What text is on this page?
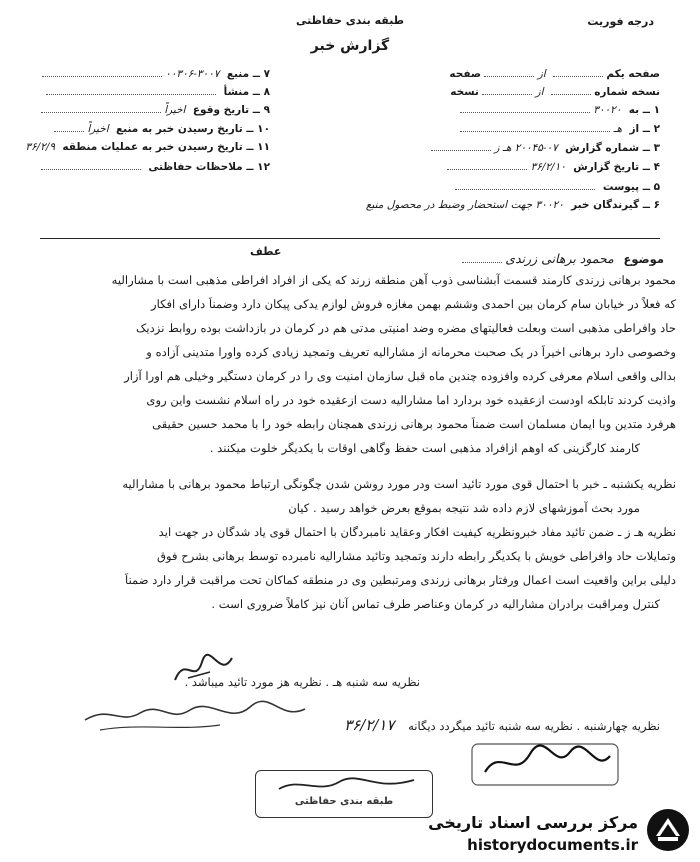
درجه فوریت
طبقه بندی حفاظتی
گزارش خبر
۷ ــ منبع ۳۰۰۷-۰۰۳۰۶
۸ ــ منشأ
۹ ــ تاریخ وقوع اخیراً
۱۰ ــ تاریخ رسیدن خبر به منبع اخیراً
۱۱ ــ تاریخ رسیدن خبر به عملیات منطقه ۳۶/۲/۹
۱۲ ــ ملاحظات حفاظتی
صفحه یکم  از  صفحه
نسخه شماره  از  نسخه
۱ ــ به ۳۰۰۲۰
۲ ــ از هـ
۳ ــ شماره گزارش ۰۷-۲۰۰۴۵ هـ ز
۴ ــ تاریخ گزارش ۳۶/۲/۱۰
۵ ــ پیوست
۶ ــ گیرندگان خبر ۳۰۰۲۰ جهت استحضار وضبط در محصول منبع
موضوع محمود برهانی زرندی
عطف
محمود برهانی زرندی کارمند قسمت آبشناسی ذوب آهن منطقه زرند که یکی از افراد افراطی مذهبی است با مشارالیه
که فعلاً در خیابان سام کرمان بین احمدی وششم بهمن مغازه فروش لوازم یدکی پیکان دارد وضمناً دارای افکار
حاد وافراطی مذهبی است وبعلت فعالیتهای مضره وضد امنیتی مدتی هم در کرمان در بازداشت بوده روابط نزدیک
وخصوصی دارد برهانی اخیراً در یک صحبت محرمانه از مشارالیه تعریف وتمجید زیادی کرده واورا متدینی آزاده و
بدالی واقعی اسلام معرفی کرده وافزوده چندین ماه قبل سازمان امنیت وی را در کرمان دستگیر وخیلی هم اورا آزار
واذیت کردند تابلکه اودست ازعقیده خود بردارد اما مشارالیه دست ازعقیده خود در راه اسلام نشست واین روی
هرفرد متدین وبا ایمان مسلمان است ضمناً محمود برهانی زرندی همچنان رابطه خود را با محمد حسین حقیقی
کارمند کارگزینی که اوهم ازافراد مذهبی است حفظ وگاهی اوقات با یکدیگر خلوت میکنند .
نظریه یکشنبه ـ خبر با احتمال قوی مورد تائید است ودر مورد روشن شدن چگونگی ارتباط محمود برهانی با مشارالیه
مورد بحث آموزشهای لازم داده شد نتیجه بموقع بعرض خواهد رسید . کیان
نظریه هـ ز ـ ضمن تائید مفاد خبرونظریه کیفیت افکار وعقاید نامبردگان با احتمال قوی یاد شدگان در جهت اید
وتمایلات حاد وافراطی خویش با یکدیگر رابطه دارند وتمجید وتائید مشارالیه نامبرده توسط برهانی بشرح فوق
دلیلی براین واقعیت است اعمال ورفتار برهانی زرندی ومرتبطین وی در منطقه کماکان تحت مراقبت قرار دارد ضمناً
کنترل ومراقبت برادران مشارالیه در کرمان وعناصر طرف تماس آنان نیز کاملاً ضروری است .
نظریه سه شنبه هـ . نظریه هز مورد تائید میباشد .
نظریه چهارشنبه . نظریه سه شنبه تائید میگردد دیگانه ۳۶/۲/۱۷
طبقه بندی حفاظتی
مرکز بررسی اسناد تاریخی
historydocuments.ir
